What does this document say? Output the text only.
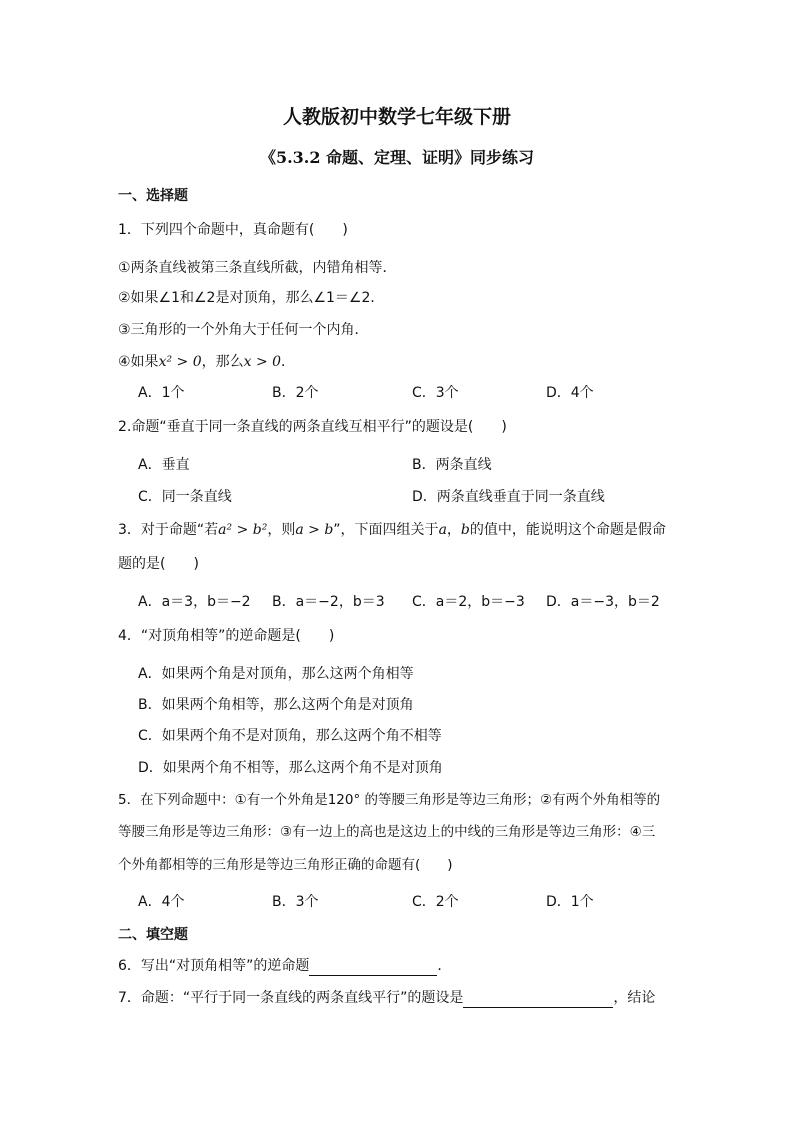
人教版初中数学七年级下册
《5.3.2 命题、定理、证明》同步练习
一、选择题
1．下列四个命题中，真命题有(　　)
①两条直线被第三条直线所截，内错角相等．
②如果∠1和∠2是对顶角，那么∠1＝∠2．
③三角形的一个外角大于任何一个内角．
④如果x² > 0，那么x > 0．
A．1个	B．2个	C．3个	D．4个
2.命题“垂直于同一条直线的两条直线互相平行”的题设是(　　)
A．垂直	B．两条直线
C．同一条直线	D．两条直线垂直于同一条直线
3．对于命题“若a² > b²，则a > b”，下面四组关于a，b的值中，能说明这个命题是假命
题的是(　　)
A．a＝3，b＝−2 B．a＝−2，b＝3 C．a＝2，b＝−3 D．a＝−3，b＝2
4．“对顶角相等”的逆命题是(　　)
A．如果两个角是对顶角，那么这两个角相等
B．如果两个角相等，那么这两个角是对顶角
C．如果两个角不是对顶角，那么这两个角不相等
D．如果两个角不相等，那么这两个角不是对顶角
5．在下列命题中：①有一个外角是120° 的等腰三角形是等边三角形；②有两个外角相等的
等腰三角形是等边三角形：③有一边上的高也是这边上的中线的三角形是等边三角形：④三
个外角都相等的三角形是等边三角形正确的命题有(　　)
A．4个	B．3个	C．2个	D．1个
二、填空题
6．写出“对顶角相等”的逆命题	．
7．命题：“平行于同一条直线的两条直线平行”的题设是	，结论
